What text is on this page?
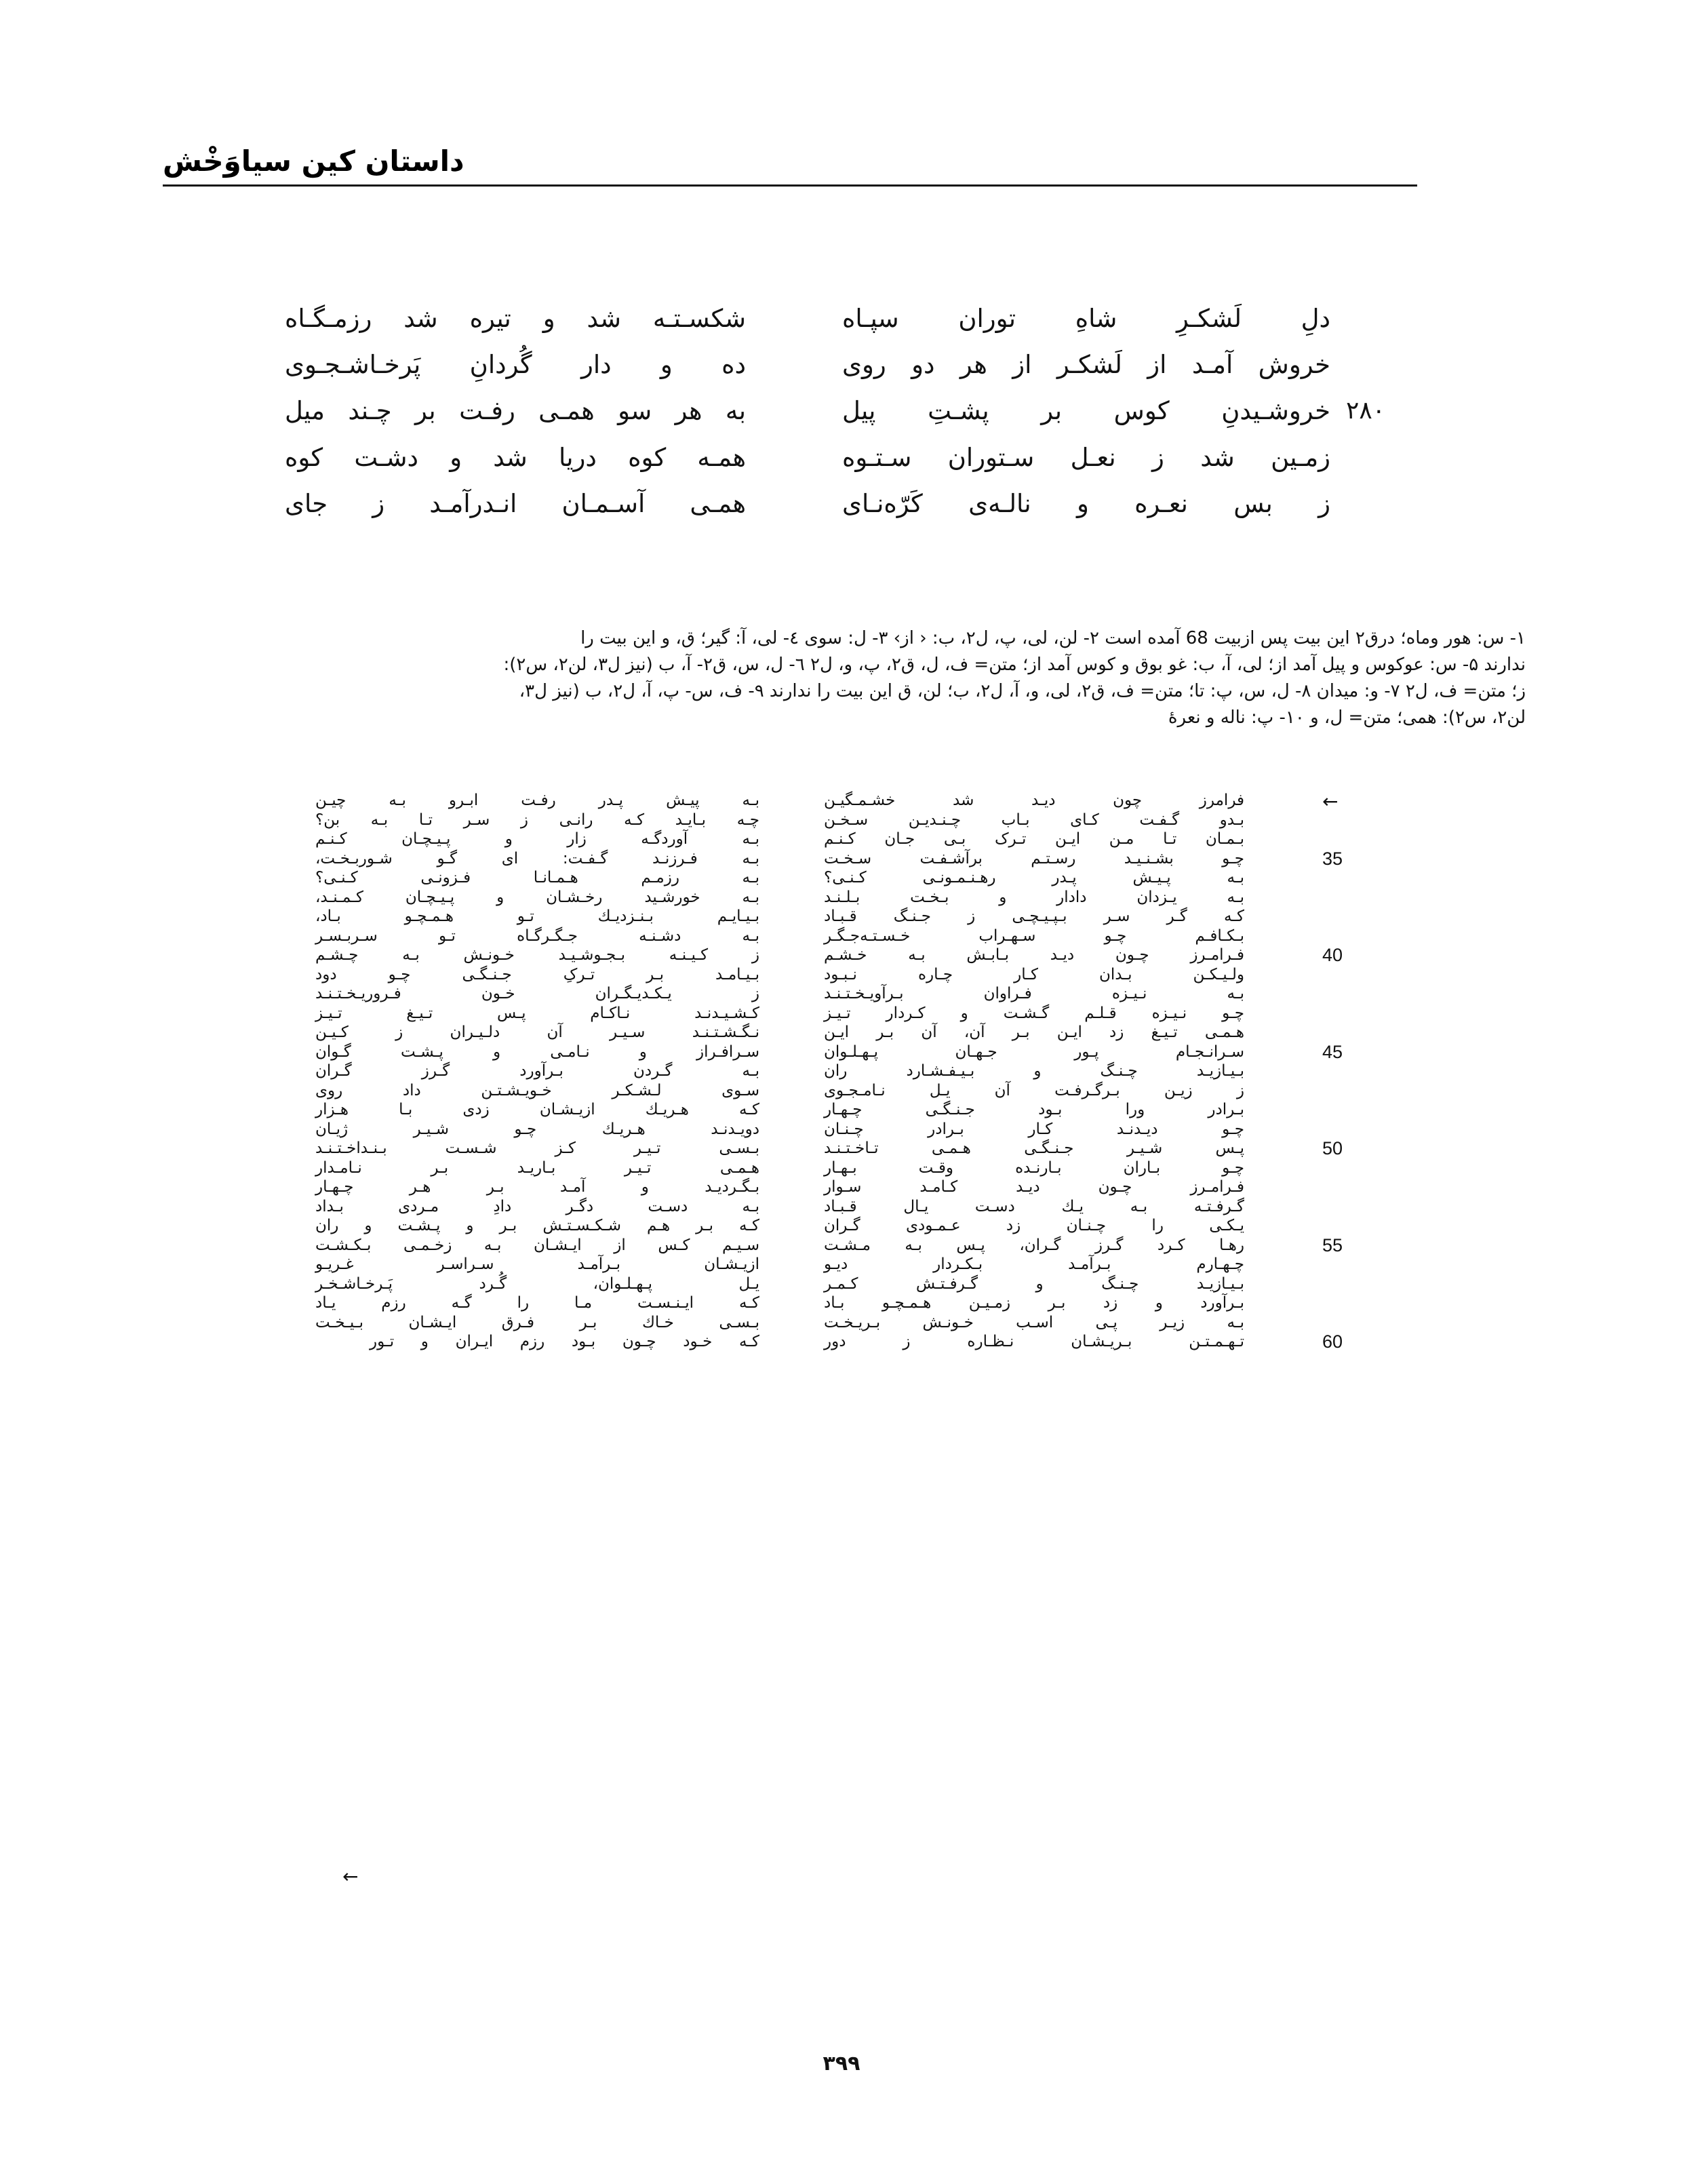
داستان کین سیاوَخْش
دلِ لَشکـرِ شاهِ توران سپـاه
شکسـتـه شد و تیره شد رزمـگـاه
خروش آمـد از لَشکـر از هر دو روی
ده و دار گُردانِ پَرخـاشـجـوی
۲۸۰
خروشـیدنِ کوس بر پشـتِ پیل
به هر سو همـی رفـت بر چـند میل
زمـین شد ز نعـل سـتوران سـتـوه
همـه کوه دریا شد و دشـت کوه
ز بس نعـره و نالـه‌ی کَرّه‌نـای
همـی آسـمـان انـدرآمـد ز جای
۱- س: هور وماه؛ درق۲ این بیت پس ازبیت 68 آمده است ۲- لن، لی، پ، ل۲، ب: ‹ از› ۳- ل: سوی ٤- لی، آ: گیر؛ ق، و این بیت را
ندارند ۵- س: عوکوس و پیل آمد از؛ لی، آ، ب: غو بوق و کوس آمد از؛ متن= ف، ل، ق۲، پ، و، ل۲ ٦- ل، س، ق۲- آ، ب (نیز ل۳، لن۲، س۲):
ز؛ متن= ف، ل۲ ۷- و: میدان ۸- ل، س، پ: تا؛ متن= ف، ق۲، لی، و، آ، ل۲، ب؛ لن، ق این بیت را ندارند ۹- ف، س- پ، آ، ل۲، ب (نیز ل۳،
لن۲، س۲): همی؛ متن= ل، و ۱۰- پ: ناله و نعرهٔ
←
فرامرز چون دیـد شد خشـمـگیـن
بـه پیـش پـدر رفـت ابـرو بـه چیـن
بـدو گـفـت کـای بـاب چـنـدیـن سـخـن
چـه بـایـد کـه رانـی ز سـر تـا بـه بن؟
بـمـان تـا مـن ایـن تـرک بـی جـان کـنـم
بـه آوردگـه زار و پـیـچـان کـنـم
35
چـو بشـنـیـد رسـتـم برآشـفـت سـخـت
بـه فـرزنـد گـفـت: ای گـو شـوربـخـت،
بـه پـیـش پـدر رهـنـمـونـی کـنـی؟
بـه رزمـم هـمـانـا فـزونـی کـنـی؟
بـه یـزدان دادار و بـخـت بـلـنـد
بـه خورشـید رخـشـان و پـیـچـان کـمـنـد،
کـه گـر سـر بـپـیـچـی ز جـنـگ قـبـاد
بـیـایـم بـنـزدیـك تـو هـمـچـو بـاد،
بـکـافـم چـو سـهـراب خـسـتـه‌جـگـر
بـه دشـنـه جـگـرگـاه تـو سـربـسـر
40
فـرامـرز چـون دیـد بـابـش بـه خـشـم
ز کـیـنـه بـجـوشـیـد خـونـش بـه چـشـم
ولـیـکـن بـدان کـار چـاره نـبـود
بـیـامـد بـر تـرکِ جـنـگـی چـو دود
بـه نـیـزه فـراوان بـرآویـخـتـنـد
ز یـکـدیـگـران خـون فـروریـخـتـنـد
چـو نـیـزه قـلـم گـشـت و کـردار تـیـز
کـشـیـدنـد نـاکـام پـس تـیـغ تـیـز
هـمـی تـیـغ زد ایـن بـر آن، آن بـر ایـن
نـگـشـتـنـد سـیـر آن دلـیـران ز کـیـن
45
سـرانـجـام پـور جـهـان پـهـلـوان
سـرافـراز و نـامـی و پـشـت گـوان
بـیـازیـد چـنـگ و بـیـفـشـارد ران
بـه گـردن بـرآورد گـرز گـران
ز زیـن بـرگـرفـت آن یـل نـامـجـوی
سـوی لـشـکـر خـویـشـتـن داد روی
بـرادر ورا بـود جـنـگـی چـهـار
کـه هـریـك ازیـشـان زدی بـا هـزار
چـو دیـدنـد کـار بـرادر چـنـان
دویـدنـد هـریـك چـو شـیـر ژیـان
50
پـس شـیـر جـنـگـی هـمـی تـاخـتـنـد
بـسـی تـیـر کـز شـسـت بـنـداخـتـنـد
چـو بـاران بـارنـده وقـت بـهـار
هـمـی تـیـر بـاریـد بـر نـامـدار
فـرامـرز چـون دیـد کـامـد سـوار
بـگـردیـد و آمـد بـر هـر چـهـار
گـرفـتـه بـه یـك دسـت یـال قـبـاد
بـه دسـت دگـر دادِ مـردی بـداد
یـکـی را چـنـان زد عـمـودی گـران
کـه بـر هـم شـکـسـتـش بـر و پـشـت و ران
55
رهـا کـرد گـرز گـران، پـس بـه مـشـت
سـیـم کـس از ایـشـان بـه زخـمـی بـکـشـت
چـهـارم بـرآمـد بـکـردار دیـو
ازیـشـان بـرآمـد سـراسـر غـریـو
بـیـازیـد چـنـگ و گـرفـتـش کـمـر
یـل پـهـلـوان، گُـرد پَـرخـاشـخـر
بـرآورد و زد بـر زمـیـن هـمـچـو بـاد
کـه ایـنـسـت مـا را گـه رزم یـاد
بـه زیـر پـی اسـب خـونـش بـریـخـت
بـسـی خـاك بـر فـرق ایـشـان بـیـخـت
60
تـهـمـتـن بـریـشـان نـظـاره ز دور
کـه خـود چـون بـود رزم ایـران و تـور
←
۳۹۹
